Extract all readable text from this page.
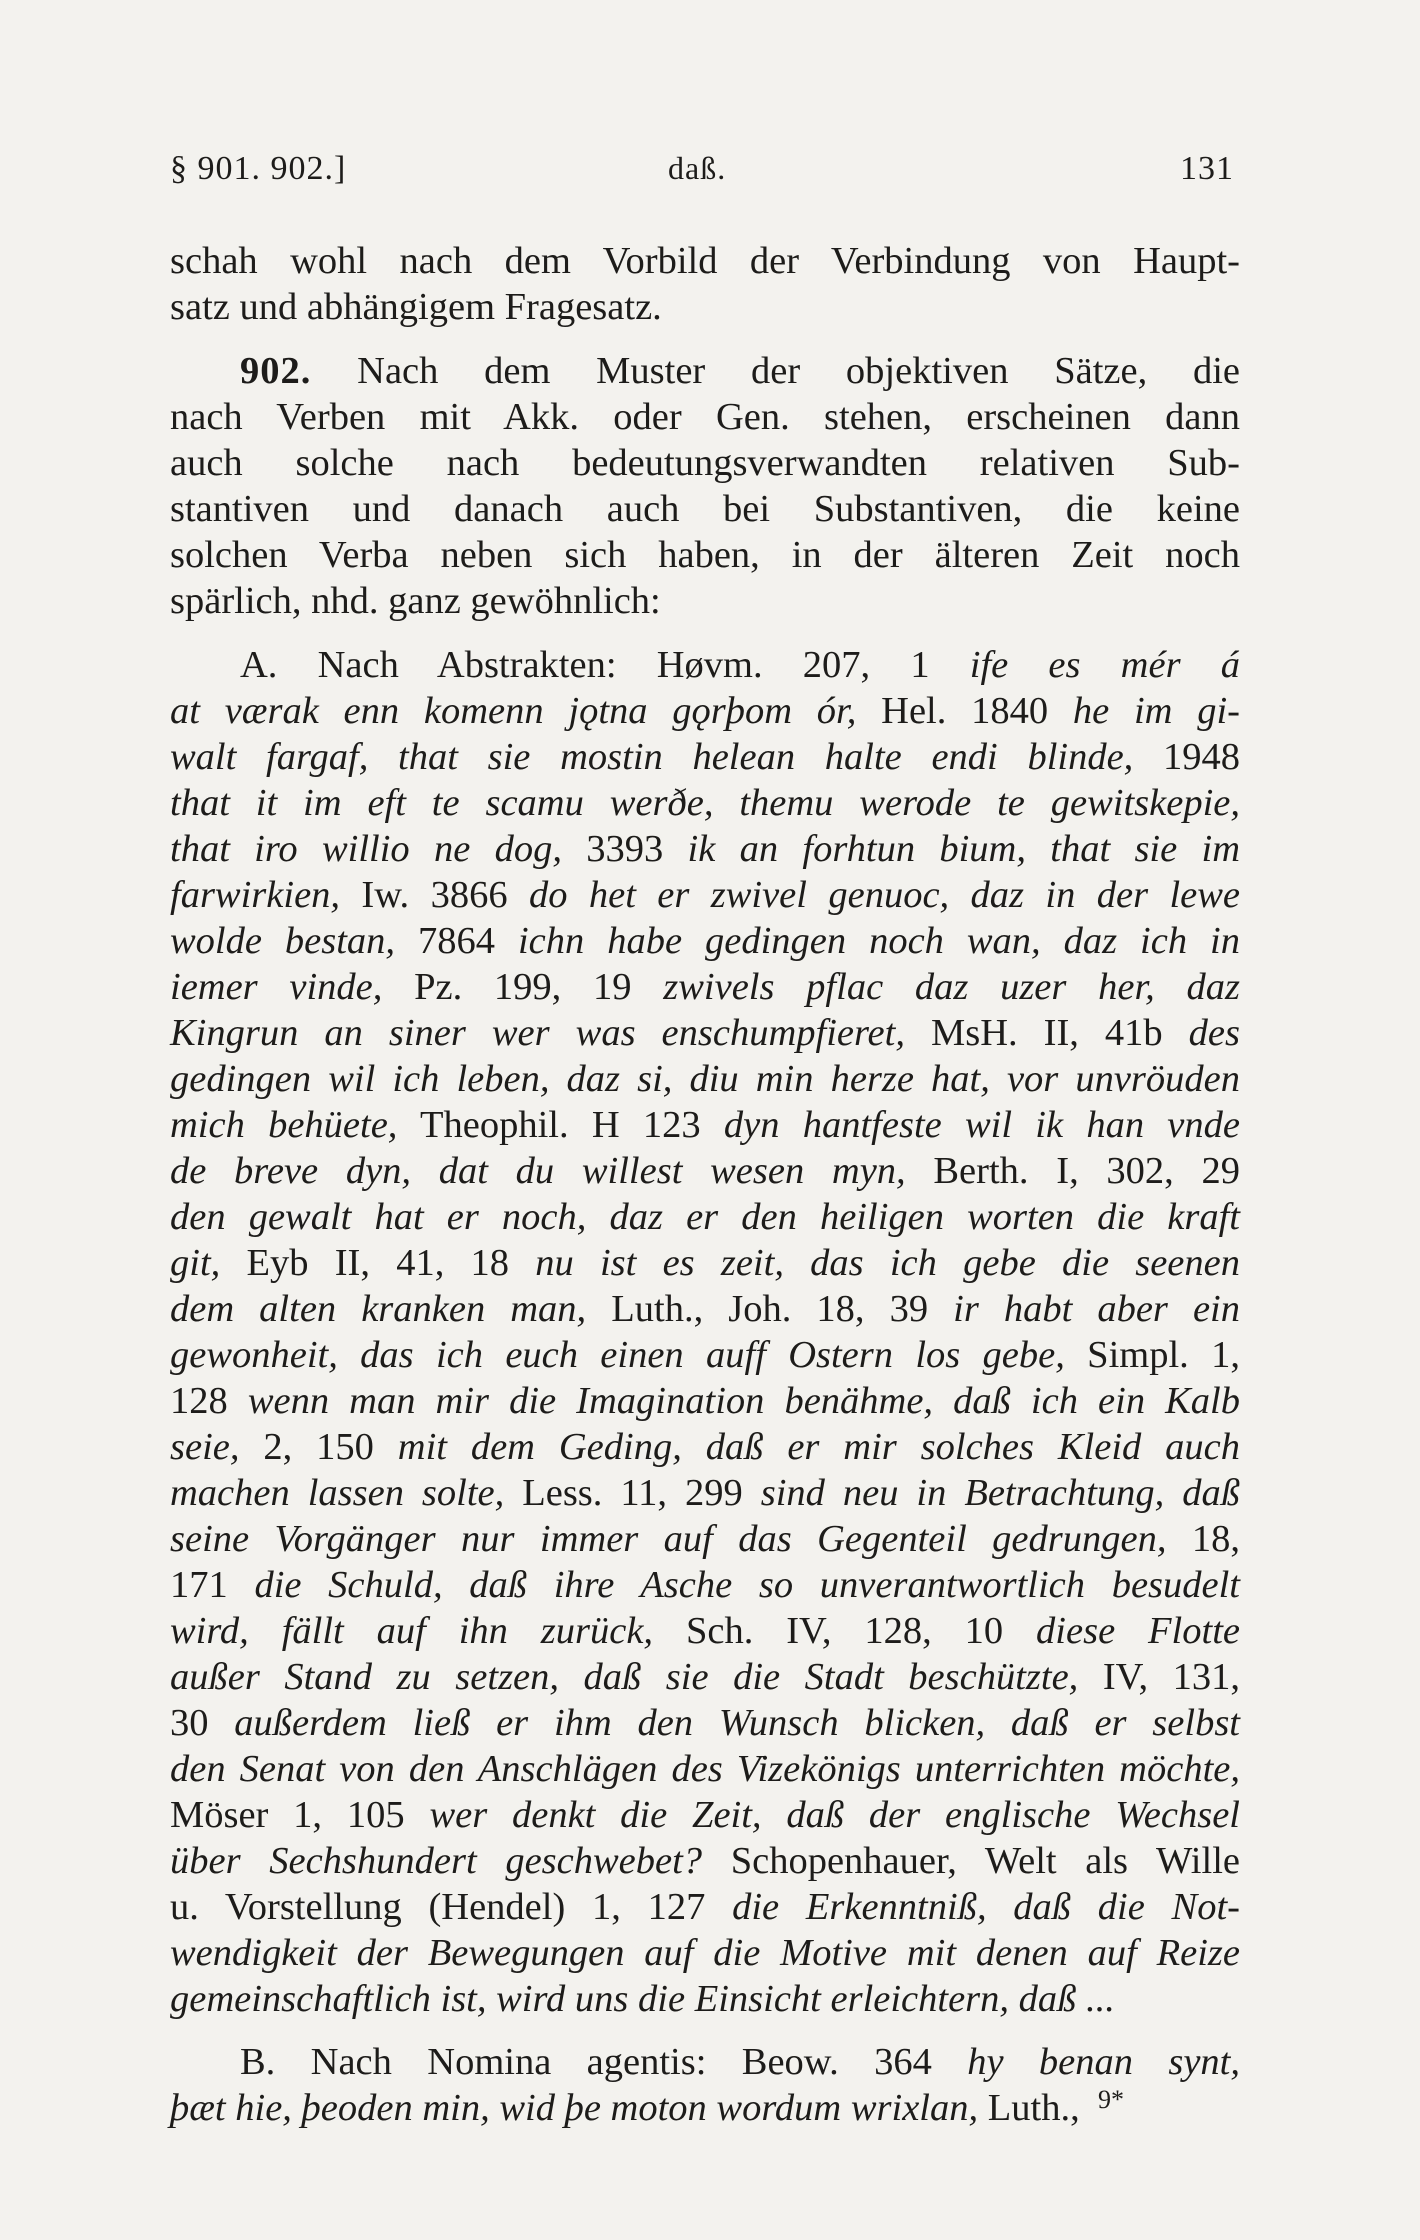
§ 901. 902.]	daß.	131
schah wohl nach dem Vorbild der Verbindung von Haupt-
satz und abhängigem Fragesatz.
902. Nach dem Muster der objektiven Sätze, die
nach Verben mit Akk. oder Gen. stehen, erscheinen dann
auch solche nach bedeutungsverwandten relativen Sub-
stantiven und danach auch bei Substantiven, die keine
solchen Verba neben sich haben, in der älteren Zeit noch
spärlich, nhd. ganz gewöhnlich:
A. Nach Abstrakten: Høvm. 207, 1 ife es mér á
at værak enn komenn jǫtna gǫrþom ór, Hel. 1840 he im gi-
walt fargaf, that sie mostin helean halte endi blinde, 1948
that it im eft te scamu werðe, themu werode te gewitskepie,
that iro willio ne dog, 3393 ik an forhtun bium, that sie im
farwirkien, Iw. 3866 do het er zwivel genuoc, daz in der lewe
wolde bestan, 7864 ichn habe gedingen noch wan, daz ich in
iemer vinde, Pz. 199, 19 zwivels pflac daz uzer her, daz
Kingrun an siner wer was enschumpfieret, MsH. II, 41b des
gedingen wil ich leben, daz si, diu min herze hat, vor unvröuden
mich behüete, Theophil. H 123 dyn hantfeste wil ik han vnde
de breve dyn, dat du willest wesen myn, Berth. I, 302, 29
den gewalt hat er noch, daz er den heiligen worten die kraft
git, Eyb II, 41, 18 nu ist es zeit, das ich gebe die seenen
dem alten kranken man, Luth., Joh. 18, 39 ir habt aber ein
gewonheit, das ich euch einen auff Ostern los gebe, Simpl. 1,
128 wenn man mir die Imagination benähme, daß ich ein Kalb
seie, 2, 150 mit dem Geding, daß er mir solches Kleid auch
machen lassen solte, Less. 11, 299 sind neu in Betrachtung, daß
seine Vorgänger nur immer auf das Gegenteil gedrungen, 18,
171 die Schuld, daß ihre Asche so unverantwortlich besudelt
wird, fällt auf ihn zurück, Sch. IV, 128, 10 diese Flotte
außer Stand zu setzen, daß sie die Stadt beschützte, IV, 131,
30 außerdem ließ er ihm den Wunsch blicken, daß er selbst
den Senat von den Anschlägen des Vizekönigs unterrichten möchte,
Möser 1, 105 wer denkt die Zeit, daß der englische Wechsel
über Sechshundert geschwebet? Schopenhauer, Welt als Wille
u. Vorstellung (Hendel) 1, 127 die Erkenntniß, daß die Not-
wendigkeit der Bewegungen auf die Motive mit denen auf Reize
gemeinschaftlich ist, wird uns die Einsicht erleichtern, daß ...
B. Nach Nomina agentis: Beow. 364 hy benan synt,
þæt hie, þeoden min, wid þe moton wordum wrixlan, Luth., 9*
